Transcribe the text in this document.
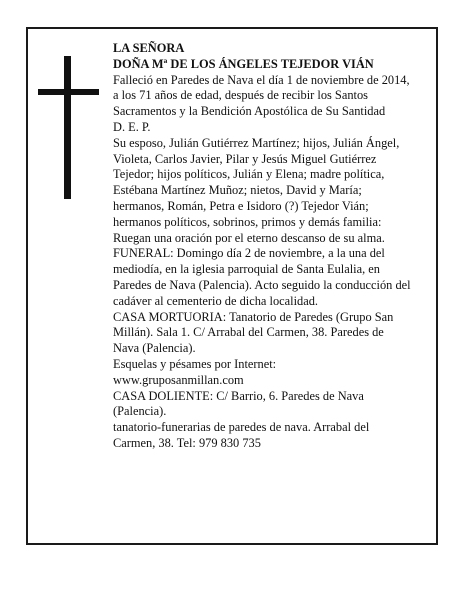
LA SEÑORA

DOÑA Mª DE LOS ÁNGELES TEJEDOR VIÁN

Falleció en Paredes de Nava el día 1 de noviembre de 2014, a los 71 años de edad, después de recibir los Santos Sacramentos y la Bendición Apostólica de Su Santidad

D. E. P.

Su esposo, Julián Gutiérrez Martínez; hijos, Julián Ángel, Violeta, Carlos Javier, Pilar y Jesús Miguel Gutiérrez Tejedor; hijos políticos, Julián y Elena; madre política, Estébana Martínez Muñoz; nietos, David y María; hermanos, Román, Petra e Isidoro (?) Tejedor Vián; hermanos políticos, sobrinos, primos y demás familia:

Ruegan una oración por el eterno descanso de su alma.

FUNERAL: Domingo día 2 de noviembre, a la una del mediodía, en la iglesia parroquial de Santa Eulalia, en Paredes de Nava (Palencia). Acto seguido la conducción del cadáver al cementerio de dicha localidad.

CASA MORTUORIA: Tanatorio de Paredes (Grupo San Millán). Sala 1. C/ Arrabal del Carmen, 38. Paredes de Nava (Palencia).

Esquelas y pésames por Internet:

www.gruposanmillan.com

CASA DOLIENTE: C/ Barrio, 6. Paredes de Nava (Palencia).

tanatorio-funerarias de paredes de nava. Arrabal del Carmen, 38. Tel: 979 830 735
